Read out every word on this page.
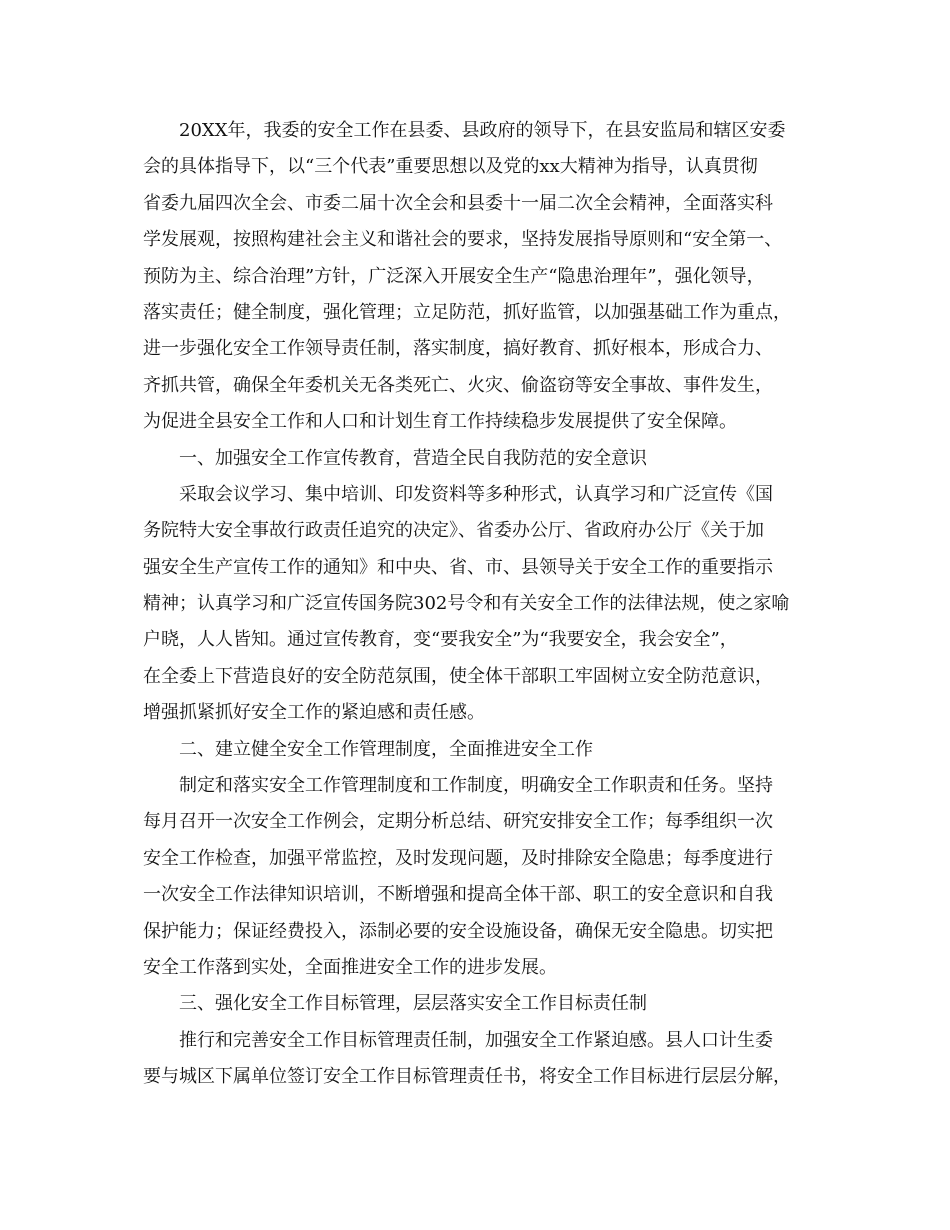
20XX年，我委的安全工作在县委、县政府的领导下，在县安监局和辖区安委
会的具体指导下，以“三个代表”重要思想以及党的xx大精神为指导，认真贯彻
省委九届四次全会、市委二届十次全会和县委十一届二次全会精神，全面落实科
学发展观，按照构建社会主义和谐社会的要求，坚持发展指导原则和“安全第一、
预防为主、综合治理”方针，广泛深入开展安全生产“隐患治理年”，强化领导，
落实责任；健全制度，强化管理；立足防范，抓好监管，以加强基础工作为重点，
进一步强化安全工作领导责任制，落实制度，搞好教育、抓好根本，形成合力、
齐抓共管，确保全年委机关无各类死亡、火灾、偷盗窃等安全事故、事件发生，
为促进全县安全工作和人口和计划生育工作持续稳步发展提供了安全保障。
一、加强安全工作宣传教育，营造全民自我防范的安全意识
采取会议学习、集中培训、印发资料等多种形式，认真学习和广泛宣传《国
务院特大安全事故行政责任追究的决定》、省委办公厅、省政府办公厅《关于加
强安全生产宣传工作的通知》和中央、省、市、县领导关于安全工作的重要指示
精神；认真学习和广泛宣传国务院302号令和有关安全工作的法律法规，使之家喻
户晓，人人皆知。通过宣传教育，变“要我安全”为“我要安全，我会安全”，
在全委上下营造良好的安全防范氛围，使全体干部职工牢固树立安全防范意识，
增强抓紧抓好安全工作的紧迫感和责任感。
二、建立健全安全工作管理制度，全面推进安全工作
制定和落实安全工作管理制度和工作制度，明确安全工作职责和任务。坚持
每月召开一次安全工作例会，定期分析总结、研究安排安全工作；每季组织一次
安全工作检查，加强平常监控，及时发现问题，及时排除安全隐患；每季度进行
一次安全工作法律知识培训，不断增强和提高全体干部、职工的安全意识和自我
保护能力；保证经费投入，添制必要的安全设施设备，确保无安全隐患。切实把
安全工作落到实处，全面推进安全工作的进步发展。
三、强化安全工作目标管理，层层落实安全工作目标责任制
推行和完善安全工作目标管理责任制，加强安全工作紧迫感。县人口计生委
要与城区下属单位签订安全工作目标管理责任书，将安全工作目标进行层层分解，
